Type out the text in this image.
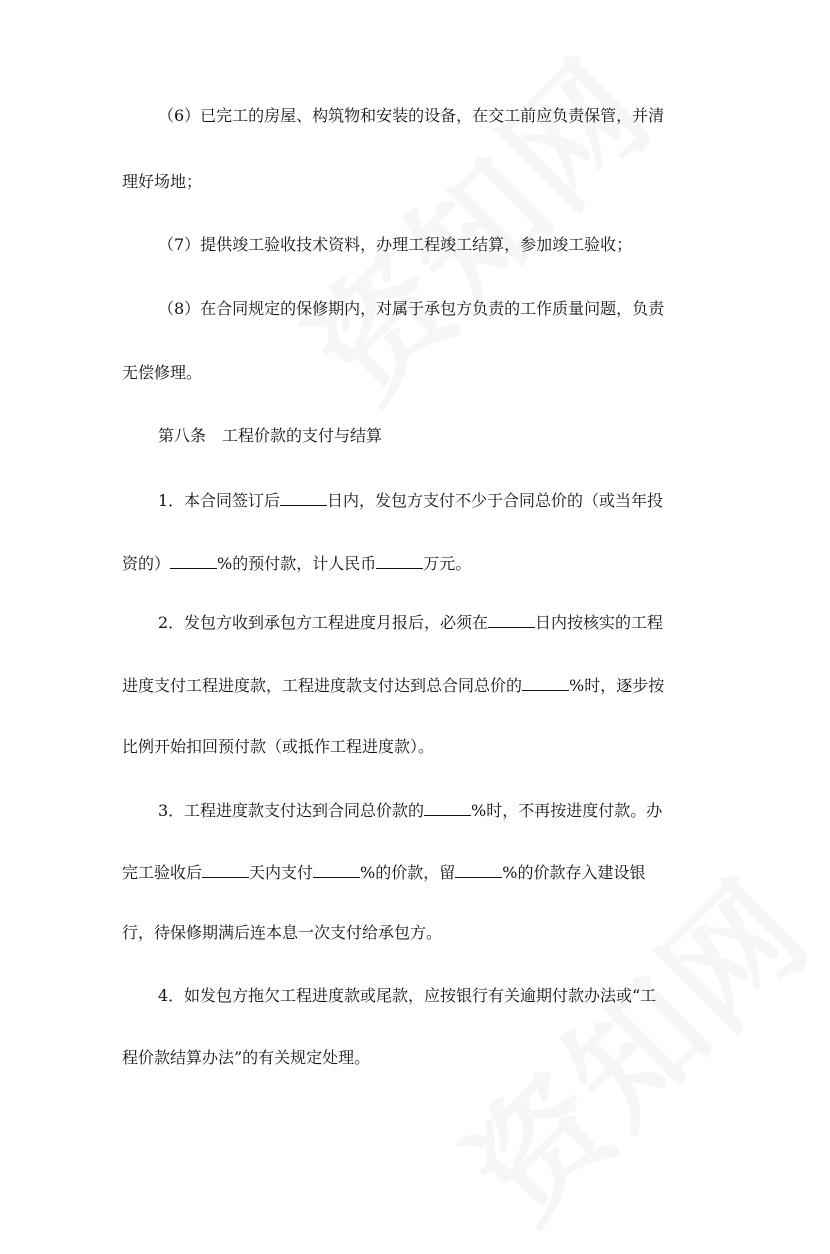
（6）已完工的房屋、构筑物和安装的设备，在交工前应负责保管，并清
理好场地；
（7）提供竣工验收技术资料，办理工程竣工结算，参加竣工验收；
（8）在合同规定的保修期内，对属于承包方负责的工作质量问题，负责
无偿修理。
第八条　工程价款的支付与结算
1．本合同签订后	日内，发包方支付不少于合同总价的（或当年投
资的）	%的预付款，计人民币	万元。
2．发包方收到承包方工程进度月报后，必须在	日内按核实的工程
进度支付工程进度款，工程进度款支付达到总合同总价的	%时，逐步按
比例开始扣回预付款（或抵作工程进度款）。
3．工程进度款支付达到合同总价款的	%时，不再按进度付款。办
完工验收后	天内支付	%的价款，留	%的价款存入建设银
行，待保修期满后连本息一次支付给承包方。
4．如发包方拖欠工程进度款或尾款，应按银行有关逾期付款办法或“工
程价款结算办法”的有关规定处理。
